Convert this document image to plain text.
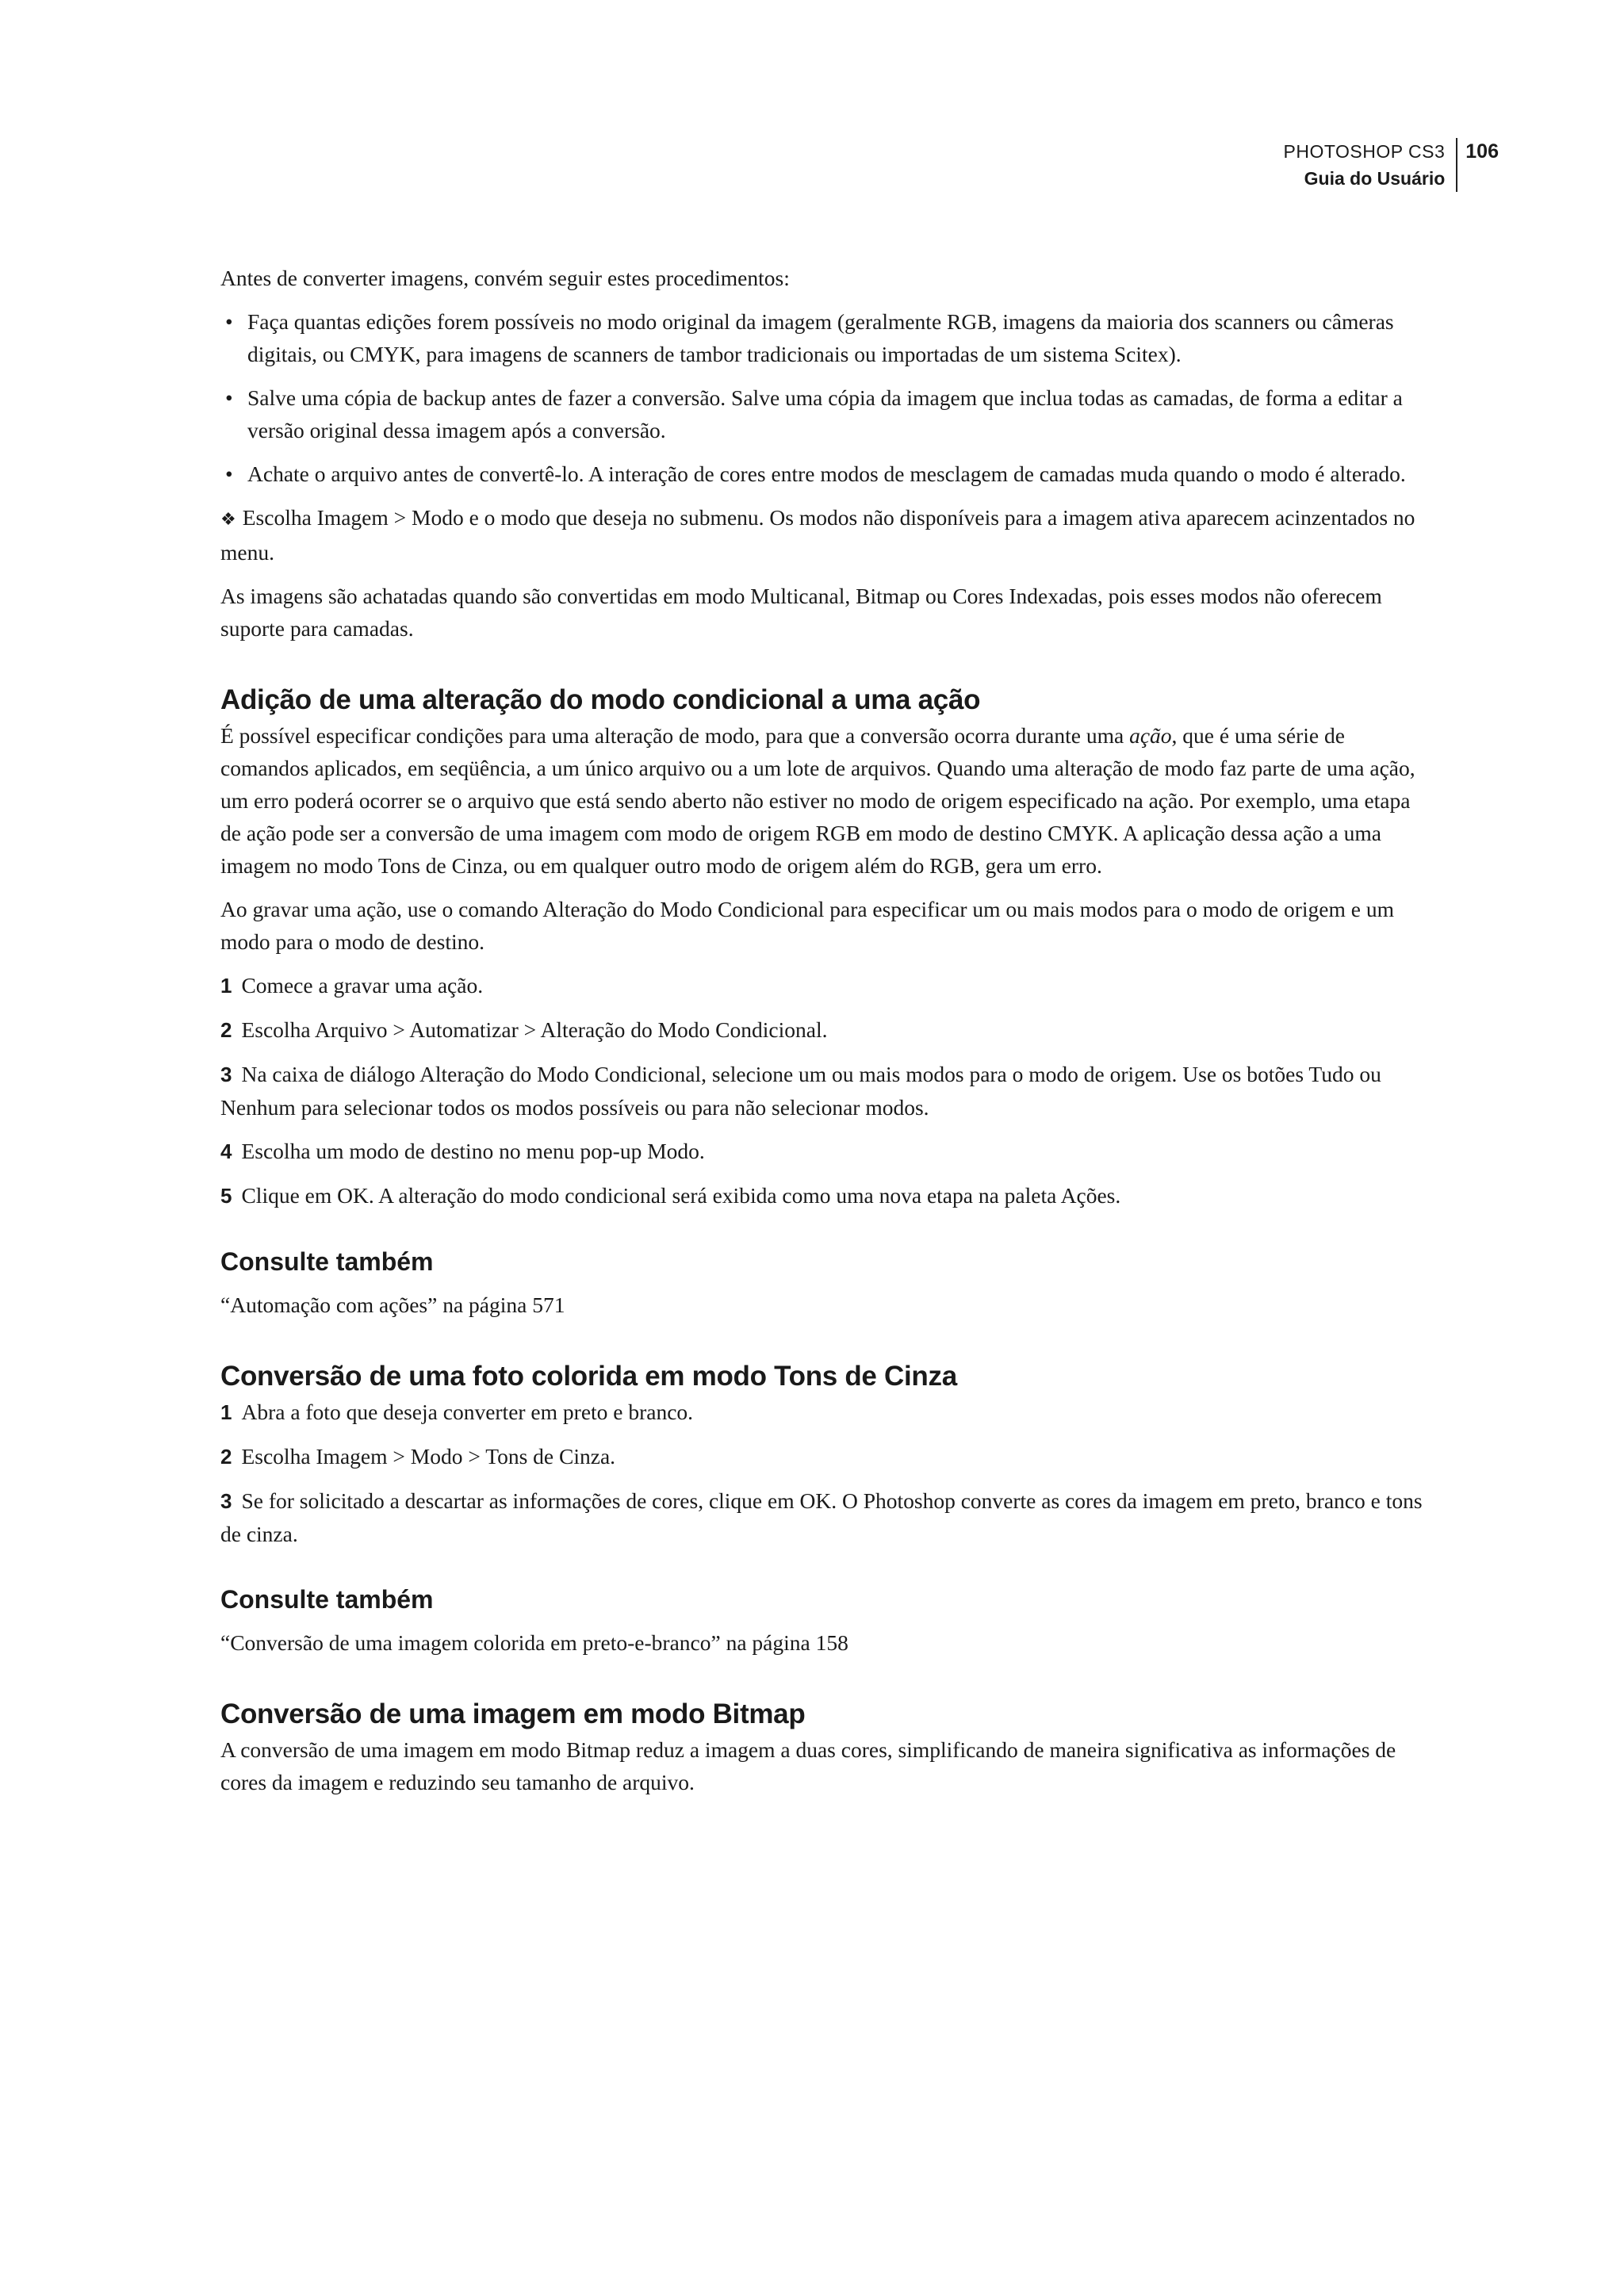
PHOTOSHOP CS3
Guia do Usuário
106

Antes de converter imagens, convém seguir estes procedimentos:

• Faça quantas edições forem possíveis no modo original da imagem (geralmente RGB, imagens da maioria dos scanners ou câmeras digitais, ou CMYK, para imagens de scanners de tambor tradicionais ou importadas de um sistema Scitex).
• Salve uma cópia de backup antes de fazer a conversão. Salve uma cópia da imagem que inclua todas as camadas, de forma a editar a versão original dessa imagem após a conversão.
• Achate o arquivo antes de convertê-lo. A interação de cores entre modos de mesclagem de camadas muda quando o modo é alterado.

❖ Escolha Imagem > Modo e o modo que deseja no submenu. Os modos não disponíveis para a imagem ativa aparecem acinzentados no menu.

As imagens são achatadas quando são convertidas em modo Multicanal, Bitmap ou Cores Indexadas, pois esses modos não oferecem suporte para camadas.

Adição de uma alteração do modo condicional a uma ação

É possível especificar condições para uma alteração de modo, para que a conversão ocorra durante uma ação, que é uma série de comandos aplicados, em seqüência, a um único arquivo ou a um lote de arquivos. Quando uma alteração de modo faz parte de uma ação, um erro poderá ocorrer se o arquivo que está sendo aberto não estiver no modo de origem especificado na ação. Por exemplo, uma etapa de ação pode ser a conversão de uma imagem com modo de origem RGB em modo de destino CMYK. A aplicação dessa ação a uma imagem no modo Tons de Cinza, ou em qualquer outro modo de origem além do RGB, gera um erro.

Ao gravar uma ação, use o comando Alteração do Modo Condicional para especificar um ou mais modos para o modo de origem e um modo para o modo de destino.

1 Comece a gravar uma ação.
2 Escolha Arquivo > Automatizar > Alteração do Modo Condicional.
3 Na caixa de diálogo Alteração do Modo Condicional, selecione um ou mais modos para o modo de origem. Use os botões Tudo ou Nenhum para selecionar todos os modos possíveis ou para não selecionar modos.
4 Escolha um modo de destino no menu pop-up Modo.
5 Clique em OK. A alteração do modo condicional será exibida como uma nova etapa na paleta Ações.
Consulte também

“Automação com ações” na página 571

Conversão de uma foto colorida em modo Tons de Cinza
1 Abra a foto que deseja converter em preto e branco.
2 Escolha Imagem > Modo > Tons de Cinza.
3 Se for solicitado a descartar as informações de cores, clique em OK. O Photoshop converte as cores da imagem em preto, branco e tons de cinza.
Consulte também

“Conversão de uma imagem colorida em preto-e-branco” na página 158

Conversão de uma imagem em modo Bitmap

A conversão de uma imagem em modo Bitmap reduz a imagem a duas cores, simplificando de maneira significativa as informações de cores da imagem e reduzindo seu tamanho de arquivo.
